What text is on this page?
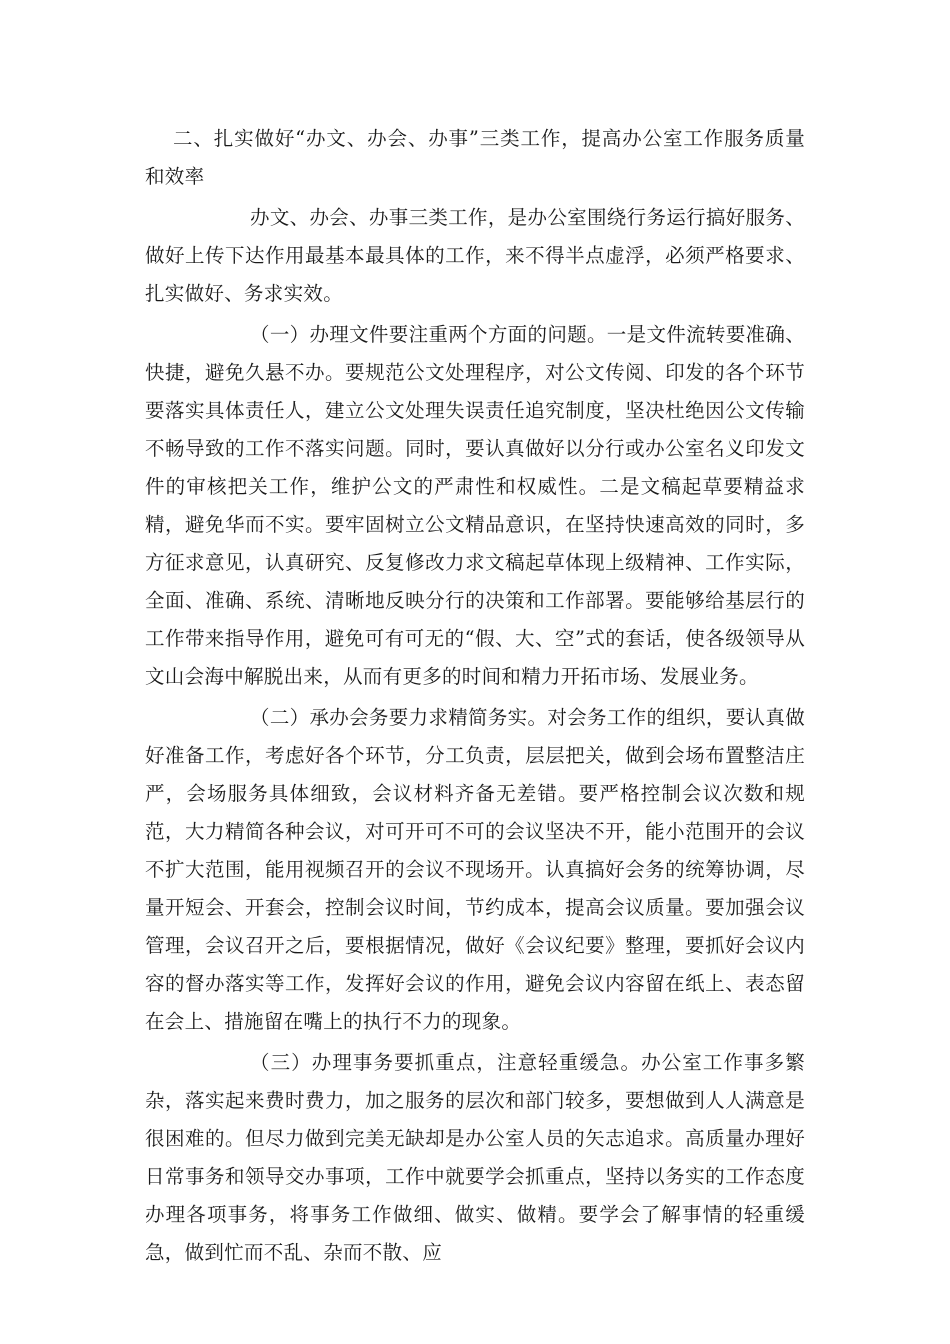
二、扎实做好“办文、办会、办事”三类工作，提高办公室工作服务质量和效率

办文、办会、办事三类工作，是办公室围绕行务运行搞好服务、做好上传下达作用最基本最具体的工作，来不得半点虚浮，必须严格要求、扎实做好、务求实效。

（一）办理文件要注重两个方面的问题。一是文件流转要准确、快捷，避免久悬不办。要规范公文处理程序，对公文传阅、印发的各个环节要落实具体责任人，建立公文处理失误责任追究制度，坚决杜绝因公文传输不畅导致的工作不落实问题。同时，要认真做好以分行或办公室名义印发文件的审核把关工作，维护公文的严肃性和权威性。二是文稿起草要精益求精，避免华而不实。要牢固树立公文精品意识，在坚持快速高效的同时，多方征求意见，认真研究、反复修改力求文稿起草体现上级精神、工作实际，全面、准确、系统、清晰地反映分行的决策和工作部署。要能够给基层行的工作带来指导作用，避免可有可无的“假、大、空”式的套话，使各级领导从文山会海中解脱出来，从而有更多的时间和精力开拓市场、发展业务。

（二）承办会务要力求精简务实。对会务工作的组织，要认真做好准备工作，考虑好各个环节，分工负责，层层把关，做到会场布置整洁庄严，会场服务具体细致，会议材料齐备无差错。要严格控制会议次数和规范，大力精简各种会议，对可开可不可的会议坚决不开，能小范围开的会议不扩大范围，能用视频召开的会议不现场开。认真搞好会务的统筹协调，尽量开短会、开套会，控制会议时间，节约成本，提高会议质量。要加强会议管理，会议召开之后，要根据情况，做好《会议纪要》整理，要抓好会议内容的督办落实等工作，发挥好会议的作用，避免会议内容留在纸上、表态留在会上、措施留在嘴上的执行不力的现象。

（三）办理事务要抓重点，注意轻重缓急。办公室工作事多繁杂，落实起来费时费力，加之服务的层次和部门较多，要想做到人人满意是很困难的。但尽力做到完美无缺却是办公室人员的矢志追求。高质量办理好日常事务和领导交办事项，工作中就要学会抓重点，坚持以务实的工作态度办理各项事务，将事务工作做细、做实、做精。要学会了解事情的轻重缓急，做到忙而不乱、杂而不散、应
